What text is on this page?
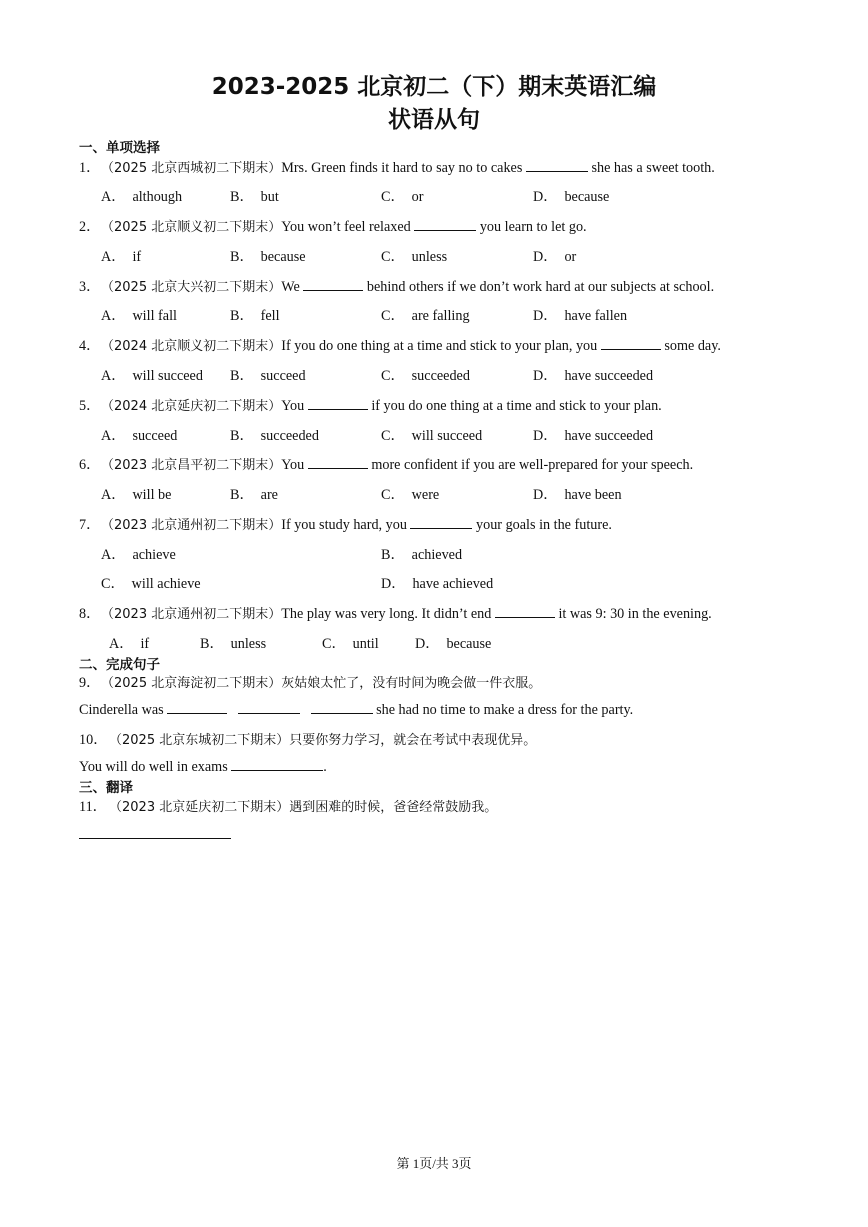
2023-2025 北京初二（下）期末英语汇编
状语从句
一、单项选择
1．（2025 北京西城初二下期末）Mrs. Green finds it hard to say no to cakes	she has a sweet tooth.
A． although	B． but	C． or	D． because
2．（2025 北京顺义初二下期末）You won’t feel relaxed	you learn to let go.
A． if	B． because	C． unless	D． or
3．（2025 北京大兴初二下期末）We	behind others if we don’t work hard at our subjects at school.
A． will fall	B． fell	C． are falling	D． have fallen
4．（2024 北京顺义初二下期末）If you do one thing at a time and stick to your plan, you	some day.
A． will succeed B． succeed	C． succeeded	D． have succeeded
5．（2024 北京延庆初二下期末）You	if you do one thing at a time and stick to your plan.
A． succeed	B． succeeded	C． will succeed	D． have succeeded
6．（2023 北京昌平初二下期末）You	more confident if you are well-prepared for your speech.
A． will be	B． are	C． were	D． have been
7．（2023 北京通州初二下期末）If you study hard, you	your goals in the future.
A． achieve	B． achieved
C． will achieve	D． have achieved
8．（2023 北京通州初二下期末）The play was very long. It didn’t end	it was 9: 30 in the evening.
A． if	B． unless	C． until	D． because
二、完成句子
9．（2025 北京海淀初二下期末）灰姑娘太忙了，没有时间为晚会做一件衣服。
Cinderella was	she had no time to make a dress for the party.
10． （2025 北京东城初二下期末）只要你努力学习，就会在考试中表现优异。
You will do well in exams	.
三、翻译
11． （2023 北京延庆初二下期末）遇到困难的时候，爸爸经常鼓励我。
第 1页/共 3页
